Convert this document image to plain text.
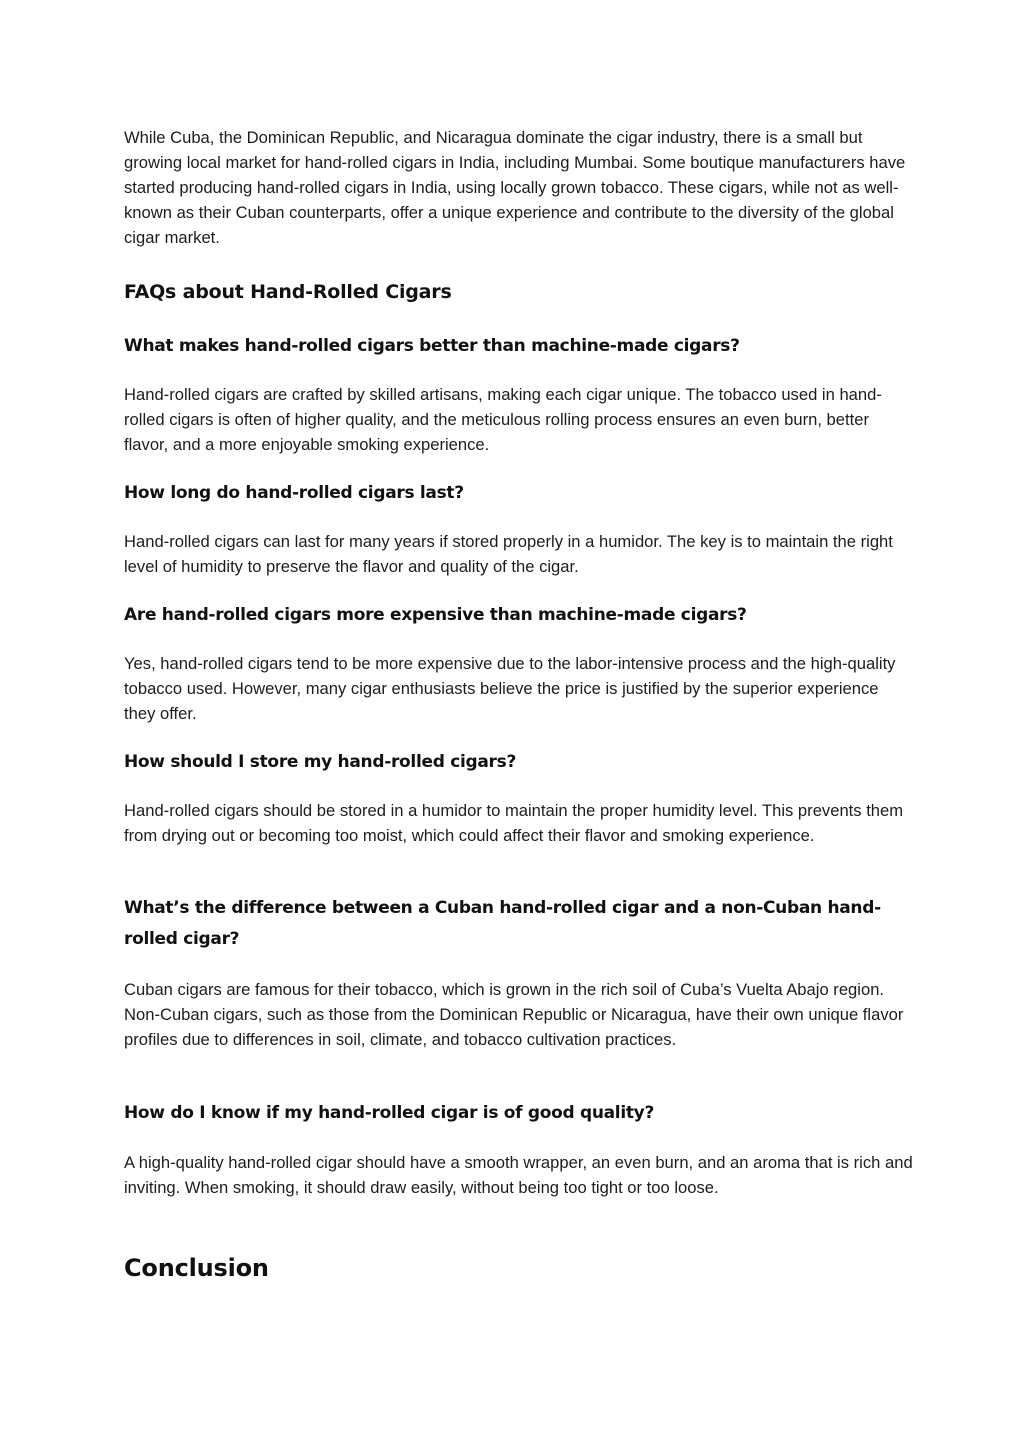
While Cuba, the Dominican Republic, and Nicaragua dominate the cigar industry, there is a small but growing local market for hand-rolled cigars in India, including Mumbai. Some boutique manufacturers have started producing hand-rolled cigars in India, using locally grown tobacco. These cigars, while not as well-known as their Cuban counterparts, offer a unique experience and contribute to the diversity of the global cigar market.

FAQs about Hand-Rolled Cigars
What makes hand-rolled cigars better than machine-made cigars?

Hand-rolled cigars are crafted by skilled artisans, making each cigar unique. The tobacco used in hand-rolled cigars is often of higher quality, and the meticulous rolling process ensures an even burn, better flavor, and a more enjoyable smoking experience.

How long do hand-rolled cigars last?

Hand-rolled cigars can last for many years if stored properly in a humidor. The key is to maintain the right level of humidity to preserve the flavor and quality of the cigar.

Are hand-rolled cigars more expensive than machine-made cigars?

Yes, hand-rolled cigars tend to be more expensive due to the labor-intensive process and the high-quality tobacco used. However, many cigar enthusiasts believe the price is justified by the superior experience they offer.

How should I store my hand-rolled cigars?

Hand-rolled cigars should be stored in a humidor to maintain the proper humidity level. This prevents them from drying out or becoming too moist, which could affect their flavor and smoking experience.

What’s the difference between a Cuban hand-rolled cigar and a non-Cuban hand-rolled cigar?

Cuban cigars are famous for their tobacco, which is grown in the rich soil of Cuba’s Vuelta Abajo region. Non-Cuban cigars, such as those from the Dominican Republic or Nicaragua, have their own unique flavor profiles due to differences in soil, climate, and tobacco cultivation practices.

How do I know if my hand-rolled cigar is of good quality?

A high-quality hand-rolled cigar should have a smooth wrapper, an even burn, and an aroma that is rich and inviting. When smoking, it should draw easily, without being too tight or too loose.

Conclusion
